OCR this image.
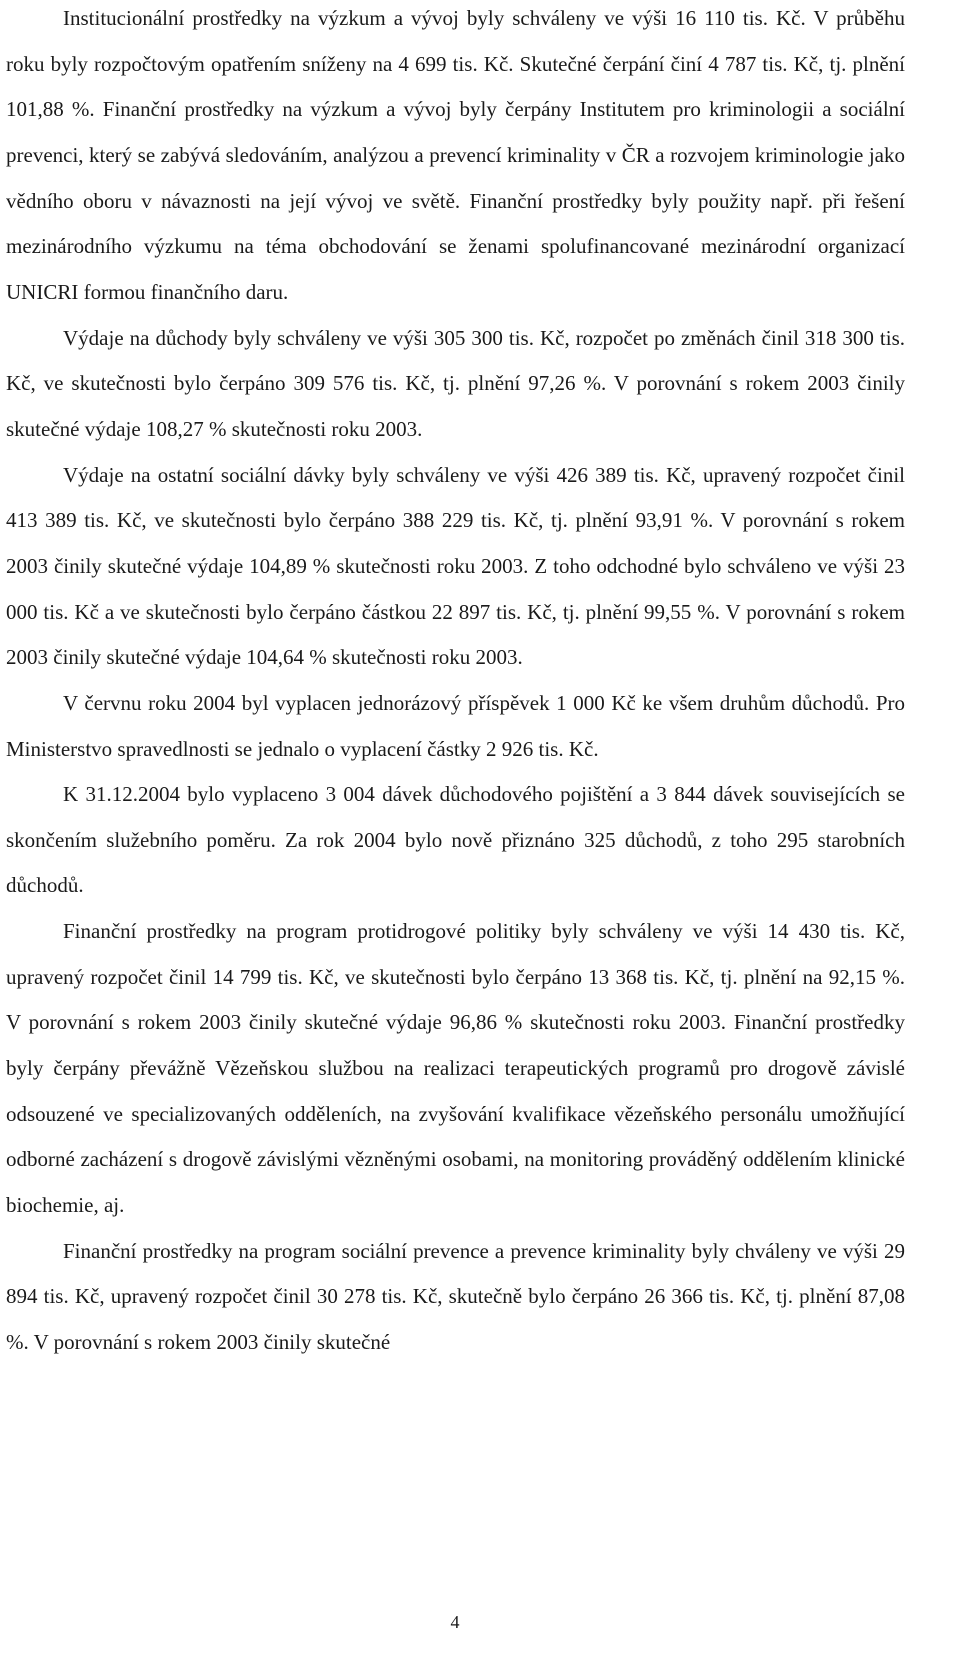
Institucionální prostředky na výzkum a vývoj byly schváleny ve výši 16 110 tis. Kč. V průběhu roku byly rozpočtovým opatřením sníženy na 4 699 tis. Kč. Skutečné čerpání činí 4 787 tis. Kč, tj. plnění 101,88 %. Finanční prostředky na výzkum a vývoj byly čerpány Institutem pro kriminologii a sociální prevenci, který se zabývá sledováním, analýzou a prevencí kriminality v ČR a rozvojem kriminologie jako vědního oboru v návaznosti na její vývoj ve světě. Finanční prostředky byly použity např. při řešení mezinárodního výzkumu na téma obchodování se ženami spolufinancované mezinárodní organizací UNICRI formou finančního daru.

Výdaje na důchody byly schváleny ve výši 305 300 tis. Kč, rozpočet po změnách činil 318 300 tis. Kč, ve skutečnosti bylo čerpáno 309 576 tis. Kč, tj. plnění 97,26 %. V porovnání s rokem 2003 činily skutečné výdaje 108,27 % skutečnosti roku 2003.

Výdaje na ostatní sociální dávky byly schváleny ve výši 426 389 tis. Kč, upravený rozpočet činil 413 389 tis. Kč, ve skutečnosti bylo čerpáno 388 229 tis. Kč, tj. plnění 93,91 %. V porovnání s rokem 2003 činily skutečné výdaje 104,89 % skutečnosti roku 2003. Z toho odchodné bylo schváleno ve výši 23 000 tis. Kč a ve skutečnosti bylo čerpáno částkou 22 897 tis. Kč, tj. plnění 99,55 %. V porovnání s rokem 2003 činily skutečné výdaje 104,64 % skutečnosti roku 2003.

V červnu roku 2004 byl vyplacen jednorázový příspěvek 1 000 Kč ke všem druhům důchodů. Pro Ministerstvo spravedlnosti se jednalo o vyplacení částky 2 926 tis. Kč.

K 31.12.2004 bylo vyplaceno 3 004 dávek důchodového pojištění a 3 844 dávek souvisejících se skončením služebního poměru. Za rok 2004 bylo nově přiznáno 325 důchodů, z toho 295 starobních důchodů.

Finanční prostředky na program protidrogové politiky byly schváleny ve výši 14 430 tis. Kč, upravený rozpočet činil 14 799 tis. Kč, ve skutečnosti bylo čerpáno 13 368 tis. Kč, tj. plnění na 92,15 %. V porovnání s rokem 2003 činily skutečné výdaje 96,86 % skutečnosti roku 2003. Finanční prostředky byly čerpány převážně Vězeňskou službou na realizaci terapeutických programů pro drogově závislé odsouzené ve specializovaných odděleních, na zvyšování kvalifikace vězeňského personálu umožňující odborné zacházení s drogově závislými vězněnými osobami, na monitoring prováděný oddělením klinické biochemie, aj.

Finanční prostředky na program sociální prevence a prevence kriminality byly chváleny ve výši 29 894 tis. Kč, upravený rozpočet činil 30 278 tis. Kč, skutečně bylo čerpáno 26 366 tis. Kč, tj. plnění 87,08 %. V porovnání s rokem 2003 činily skutečné

4
